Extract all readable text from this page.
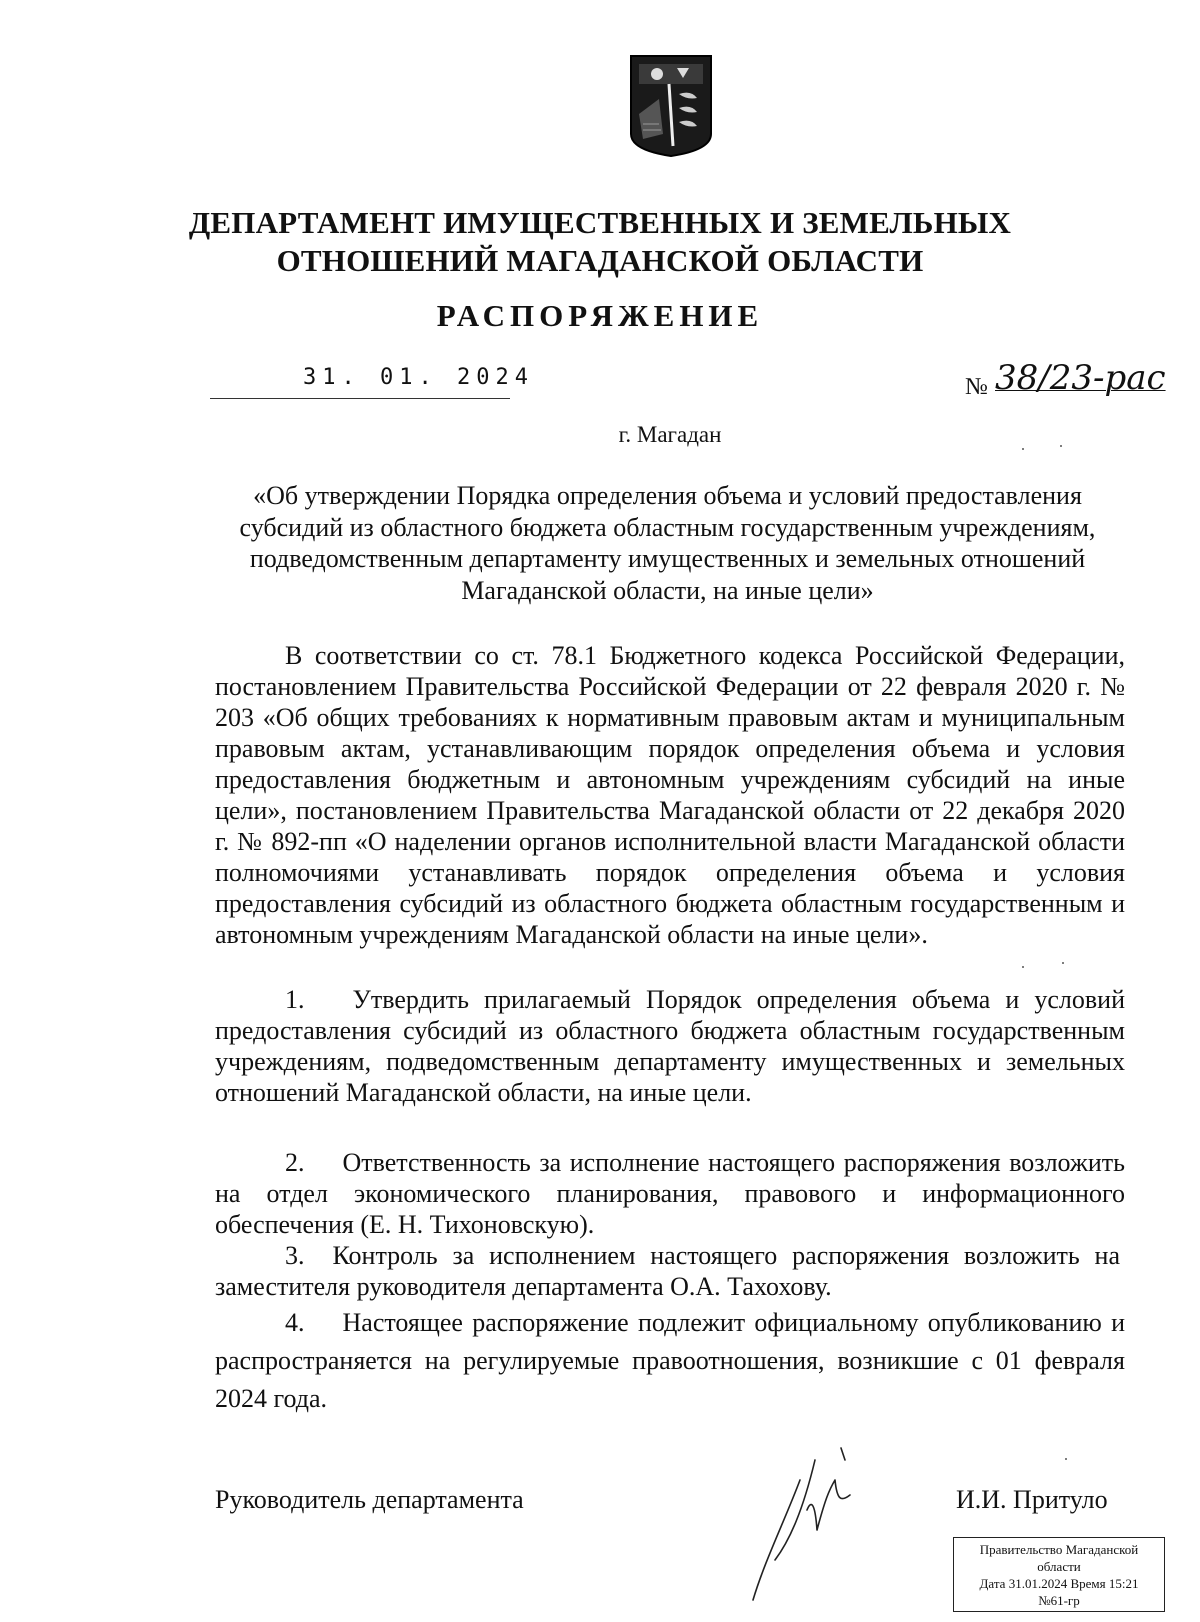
ДЕПАРТАМЕНТ ИМУЩЕСТВЕННЫХ И ЗЕМЕЛЬНЫХ
ОТНОШЕНИЙ МАГАДАНСКОЙ ОБЛАСТИ
РАСПОРЯЖЕНИЕ
31. 01. 2024	№ 38/23-рас
г. Магадан
«Об утверждении Порядка определения объема и условий предоставления
субсидий из областного бюджета областным государственным учреждениям,
подведомственным департаменту имущественных и земельных отношений
Магаданской области, на иные цели»
В соответствии со ст. 78.1 Бюджетного кодекса Российской Федерации, постановлением Правительства Российской Федерации от 22 февраля 2020 г. № 203 «Об общих требованиях к нормативным правовым актам и муниципальным правовым актам, устанавливающим порядок определения объема и условия предоставления бюджетным и автономным учреждениям субсидий на иные цели», постановлением Правительства Магаданской области от 22 декабря 2020 г. № 892-пп «О наделении органов исполнительной власти Магаданской области полномочиями устанавливать порядок определения объема и условия предоставления субсидий из областного бюджета областным государственным и автономным учреждениям Магаданской области на иные цели».
1. Утвердить прилагаемый Порядок определения объема и условий предоставления субсидий из областного бюджета областным государственным учреждениям, подведомственным департаменту имущественных и земельных отношений Магаданской области, на иные цели.
2. Ответственность за исполнение настоящего распоряжения возложить на отдел экономического планирования, правового и информационного обеспечения (Е. Н. Тихоновскую).
3. Контроль за исполнением настоящего распоряжения возложить на заместителя руководителя департамента О.А. Тахохову.
4. Настоящее распоряжение подлежит официальному опубликованию и распространяется на регулируемые правоотношения, возникшие с 01 февраля 2024 года.
Руководитель департамента	И.И. Притуло
Правительство Магаданской
области
Дата 31.01.2024 Время 15:21
№61-гр
